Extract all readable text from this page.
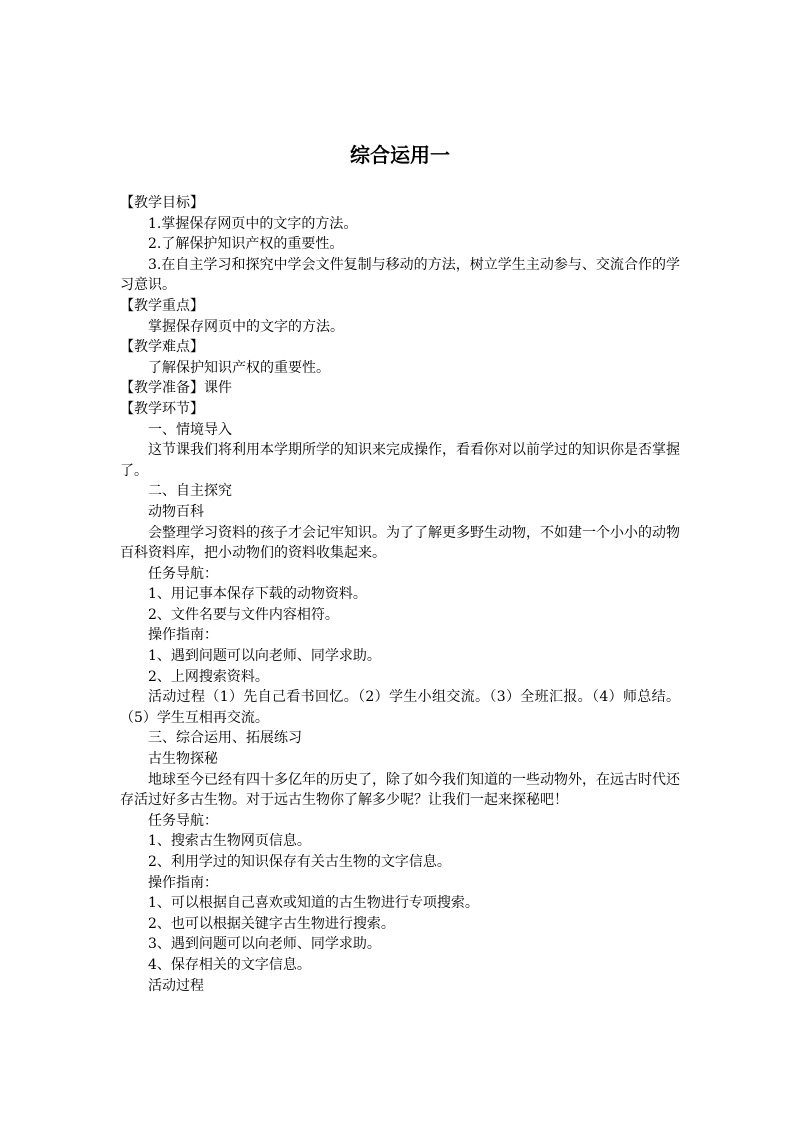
综合运用一
【教学目标】
1.掌握保存网页中的文字的方法。
2.了解保护知识产权的重要性。
3.在自主学习和探究中学会文件复制与移动的方法，树立学生主动参与、交流合作的学习意识。
【教学重点】
掌握保存网页中的文字的方法。
【教学难点】
了解保护知识产权的重要性。
【教学准备】课件
【教学环节】
一、情境导入
这节课我们将利用本学期所学的知识来完成操作，看看你对以前学过的知识你是否掌握了。
二、自主探究
动物百科
会整理学习资料的孩子才会记牢知识。为了了解更多野生动物，不如建一个小小的动物百科资料库，把小动物们的资料收集起来。
任务导航：
1、用记事本保存下载的动物资料。
2、文件名要与文件内容相符。
操作指南：
1、遇到问题可以向老师、同学求助。
2、上网搜索资料。
活动过程（1）先自己看书回忆。（2）学生小组交流。（3）全班汇报。（4）师总结。（5）学生互相再交流。
三、综合运用、拓展练习
古生物探秘
地球至今已经有四十多亿年的历史了，除了如今我们知道的一些动物外，在远古时代还存活过好多古生物。对于远古生物你了解多少呢？让我们一起来探秘吧！
任务导航：
1、搜索古生物网页信息。
2、利用学过的知识保存有关古生物的文字信息。
操作指南：
1、可以根据自己喜欢或知道的古生物进行专项搜索。
2、也可以根据关键字古生物进行搜索。
3、遇到问题可以向老师、同学求助。
4、保存相关的文字信息。
活动过程
